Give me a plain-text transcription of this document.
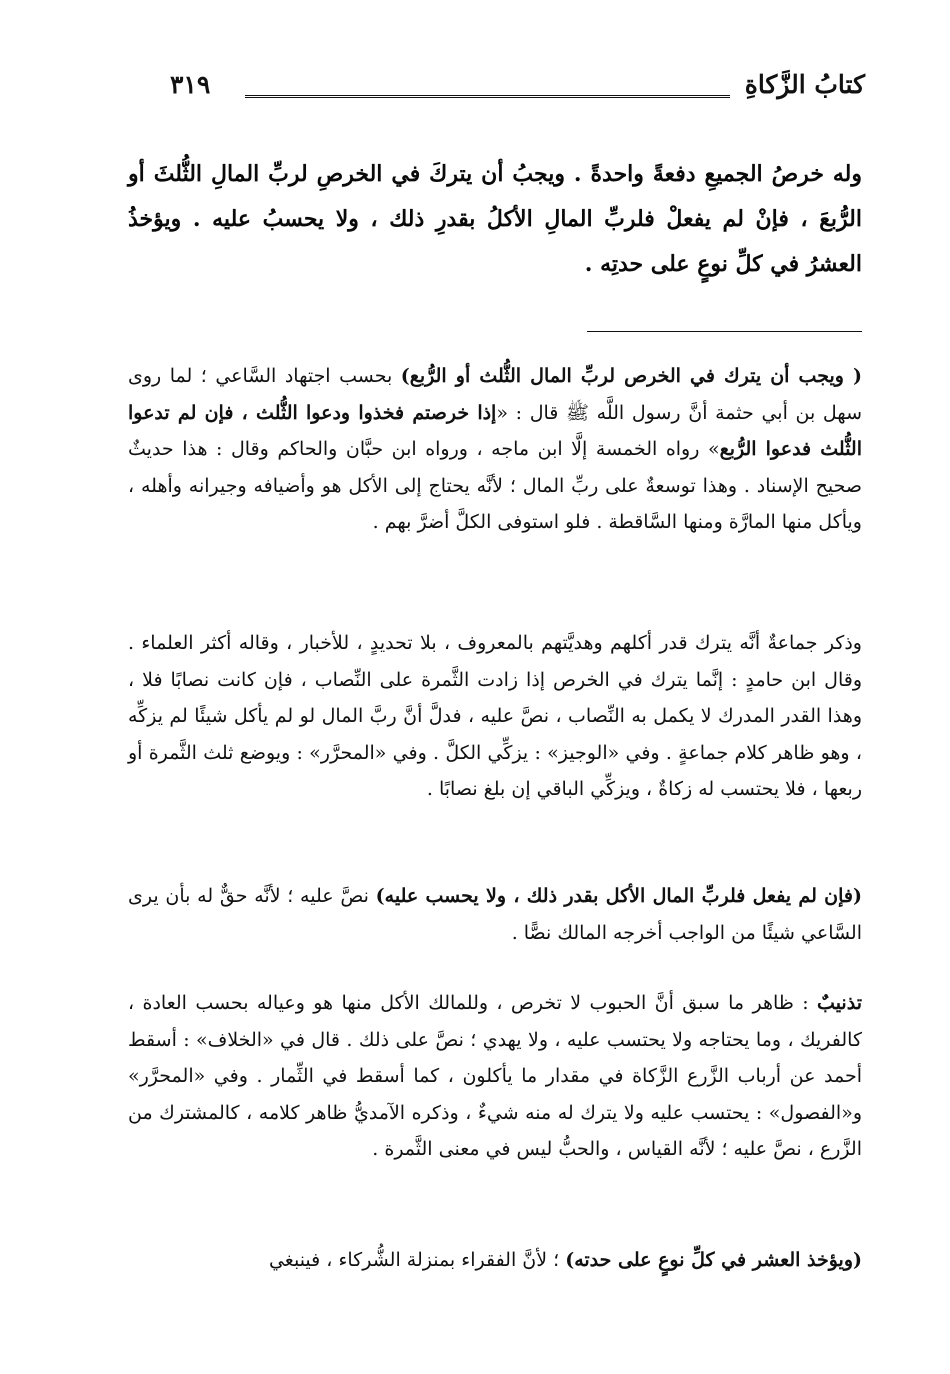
كتابُ الزَّكاةِ
٣١٩
وله خرصُ الجميعِ دفعةً واحدةً . ويجبُ أن يتركَ في الخرصِ لربِّ المالِ الثُّلثَ أو الرُّبعَ ، فإنْ لم يفعلْ فلربِّ المالِ الأكلُ بقدرِ ذلك ، ولا يحسبُ عليه . ويؤخذُ العشرُ في كلِّ نوعٍ على حدتِه .
( ويجب أن يترك في الخرص لربِّ المال الثُّلث أو الرُّبع) بحسب اجتهاد السَّاعي ؛ لما روى سهل بن أبي حثمة أنَّ رسول اللَّه ﷺ قال : «إذا خرصتم فخذوا ودعوا الثُّلث ، فإن لم تدعوا الثُّلث فدعوا الرُّبع» رواه الخمسة إلَّا ابن ماجه ، ورواه ابن حبَّان والحاكم وقال : هذا حديثٌ صحيح الإسناد . وهذا توسعةٌ على ربِّ المال ؛ لأنَّه يحتاج إلى الأكل هو وأضيافه وجيرانه وأهله ، ويأكل منها المارَّة ومنها السَّاقطة . فلو استوفى الكلَّ أضرَّ بهم .
وذكر جماعةٌ أنَّه يترك قدر أكلهم وهديَّتهم بالمعروف ، بلا تحديدٍ ، للأخبار ، وقاله أكثر العلماء . وقال ابن حامدٍ : إنَّما يترك في الخرص إذا زادت الثَّمرة على النِّصاب ، فإن كانت نصابًا فلا ، وهذا القدر المدرك لا يكمل به النِّصاب ، نصَّ عليه ، فدلَّ أنَّ ربَّ المال لو لم يأكل شيئًا لم يزكِّه ، وهو ظاهر كلام جماعةٍ . وفي «الوجيز» : يزكِّي الكلَّ . وفي «المحرَّر» : ويوضع ثلث الثَّمرة أو ربعها ، فلا يحتسب له زكاةٌ ، ويزكِّي الباقي إن بلغ نصابًا .
(فإن لم يفعل فلربِّ المال الأكل بقدر ذلك ، ولا يحسب عليه) نصَّ عليه ؛ لأنَّه حقٌّ له بأن يرى السَّاعي شيئًا من الواجب أخرجه المالك نصًّا .
تذنيبٌ : ظاهر ما سبق أنَّ الحبوب لا تخرص ، وللمالك الأكل منها هو وعياله بحسب العادة ، كالفريك ، وما يحتاجه ولا يحتسب عليه ، ولا يهدي ؛ نصَّ على ذلك . قال في «الخلاف» : أسقط أحمد عن أرباب الزَّرع الزَّكاة في مقدار ما يأكلون ، كما أسقط في الثِّمار . وفي «المحرَّر» و«الفصول» : يحتسب عليه ولا يترك له منه شيءٌ ، وذكره الآمديُّ ظاهر كلامه ، كالمشترك من الزَّرع ، نصَّ عليه ؛ لأنَّه القياس ، والحبُّ ليس في معنى الثَّمرة .
(ويؤخذ العشر في كلِّ نوعٍ على حدته) ؛ لأنَّ الفقراء بمنزلة الشُّركاء ، فينبغي
